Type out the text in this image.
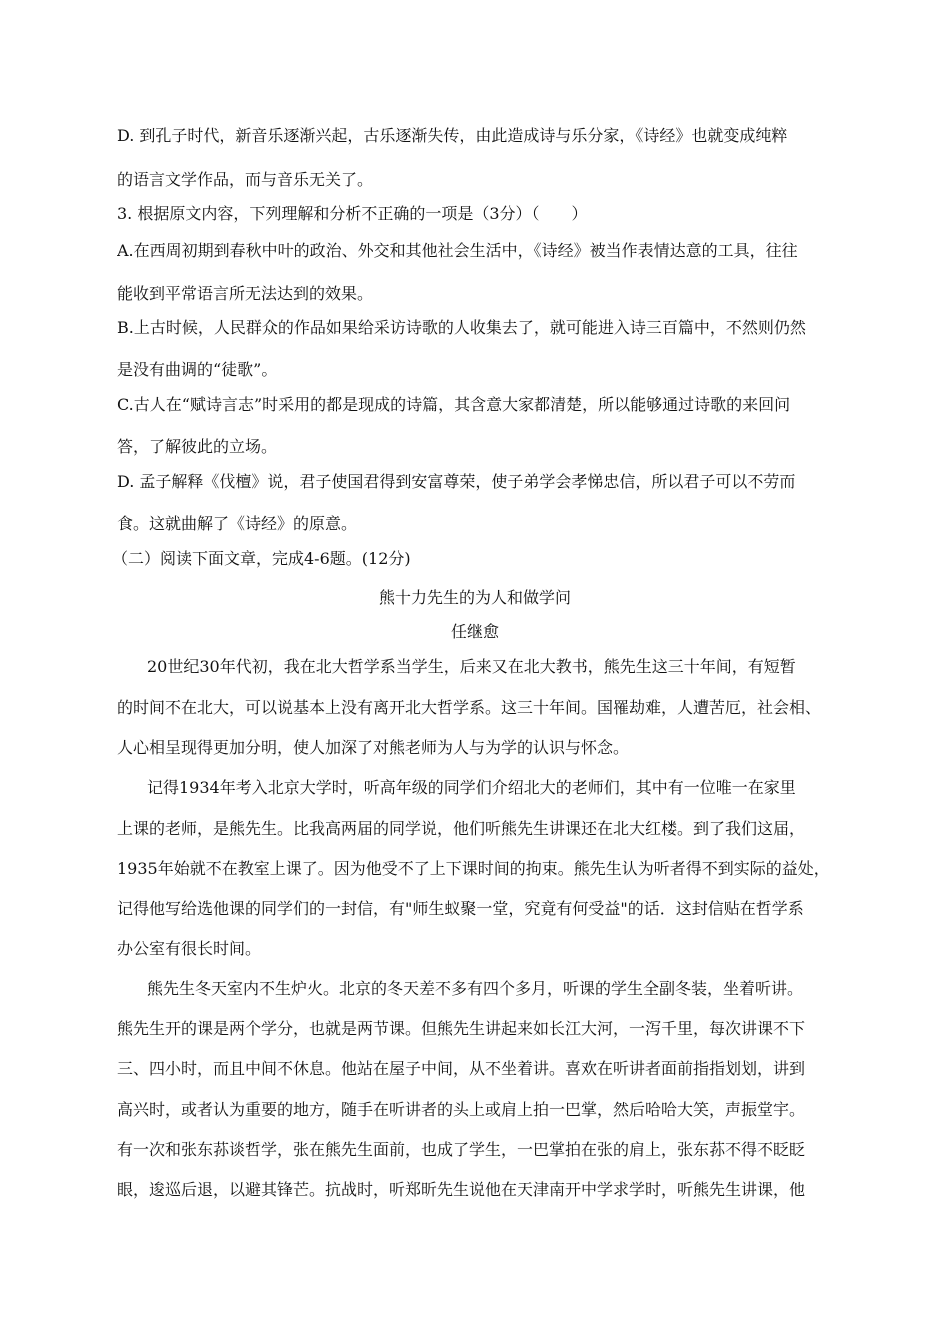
D. 到孔子时代，新音乐逐渐兴起，古乐逐渐失传，由此造成诗与乐分家，《诗经》也就变成纯粹
的语言文学作品，而与音乐无关了。
3. 根据原文内容，下列理解和分析不正确的一项是（3分）（　　）
A.在西周初期到春秋中叶的政治、外交和其他社会生活中，《诗经》被当作表情达意的工具，往往
能收到平常语言所无法达到的效果。
B.上古时候，人民群众的作品如果给采访诗歌的人收集去了，就可能进入诗三百篇中，不然则仍然
是没有曲调的“徒歌”。
C.古人在“赋诗言志”时采用的都是现成的诗篇，其含意大家都清楚，所以能够通过诗歌的来回问
答，了解彼此的立场。
D. 孟子解释《伐檀》说，君子使国君得到安富尊荣，使子弟学会孝悌忠信，所以君子可以不劳而
食。这就曲解了《诗经》的原意。
（二）阅读下面文章，完成4-6题。(12分)
熊十力先生的为人和做学问
任继愈
20世纪30年代初，我在北大哲学系当学生，后来又在北大教书，熊先生这三十年间，有短暂
的时间不在北大，可以说基本上没有离开北大哲学系。这三十年间。国罹劫难，人遭苦厄，社会相、
人心相呈现得更加分明，使人加深了对熊老师为人与为学的认识与怀念。
记得1934年考入北京大学时，听高年级的同学们介绍北大的老师们，其中有一位唯一在家里
上课的老师，是熊先生。比我高两届的同学说，他们听熊先生讲课还在北大红楼。到了我们这届，
1935年始就不在教室上课了。因为他受不了上下课时间的拘束。熊先生认为听者得不到实际的益处，
记得他写给选他课的同学们的一封信，有"师生蚁聚一堂，究竟有何受益"的话．这封信贴在哲学系
办公室有很长时间。
熊先生冬天室内不生炉火。北京的冬天差不多有四个多月，听课的学生全副冬装，坐着听讲。
熊先生开的课是两个学分，也就是两节课。但熊先生讲起来如长江大河，一泻千里，每次讲课不下
三、四小时，而且中间不休息。他站在屋子中间，从不坐着讲。喜欢在听讲者面前指指划划，讲到
高兴时，或者认为重要的地方，随手在听讲者的头上或肩上拍一巴掌，然后哈哈大笑，声振堂宇。
有一次和张东荪谈哲学，张在熊先生面前，也成了学生，一巴掌拍在张的肩上，张东荪不得不眨眨
眼，逡巡后退，以避其锋芒。抗战时，听郑昕先生说他在天津南开中学求学时，听熊先生讲课，他
